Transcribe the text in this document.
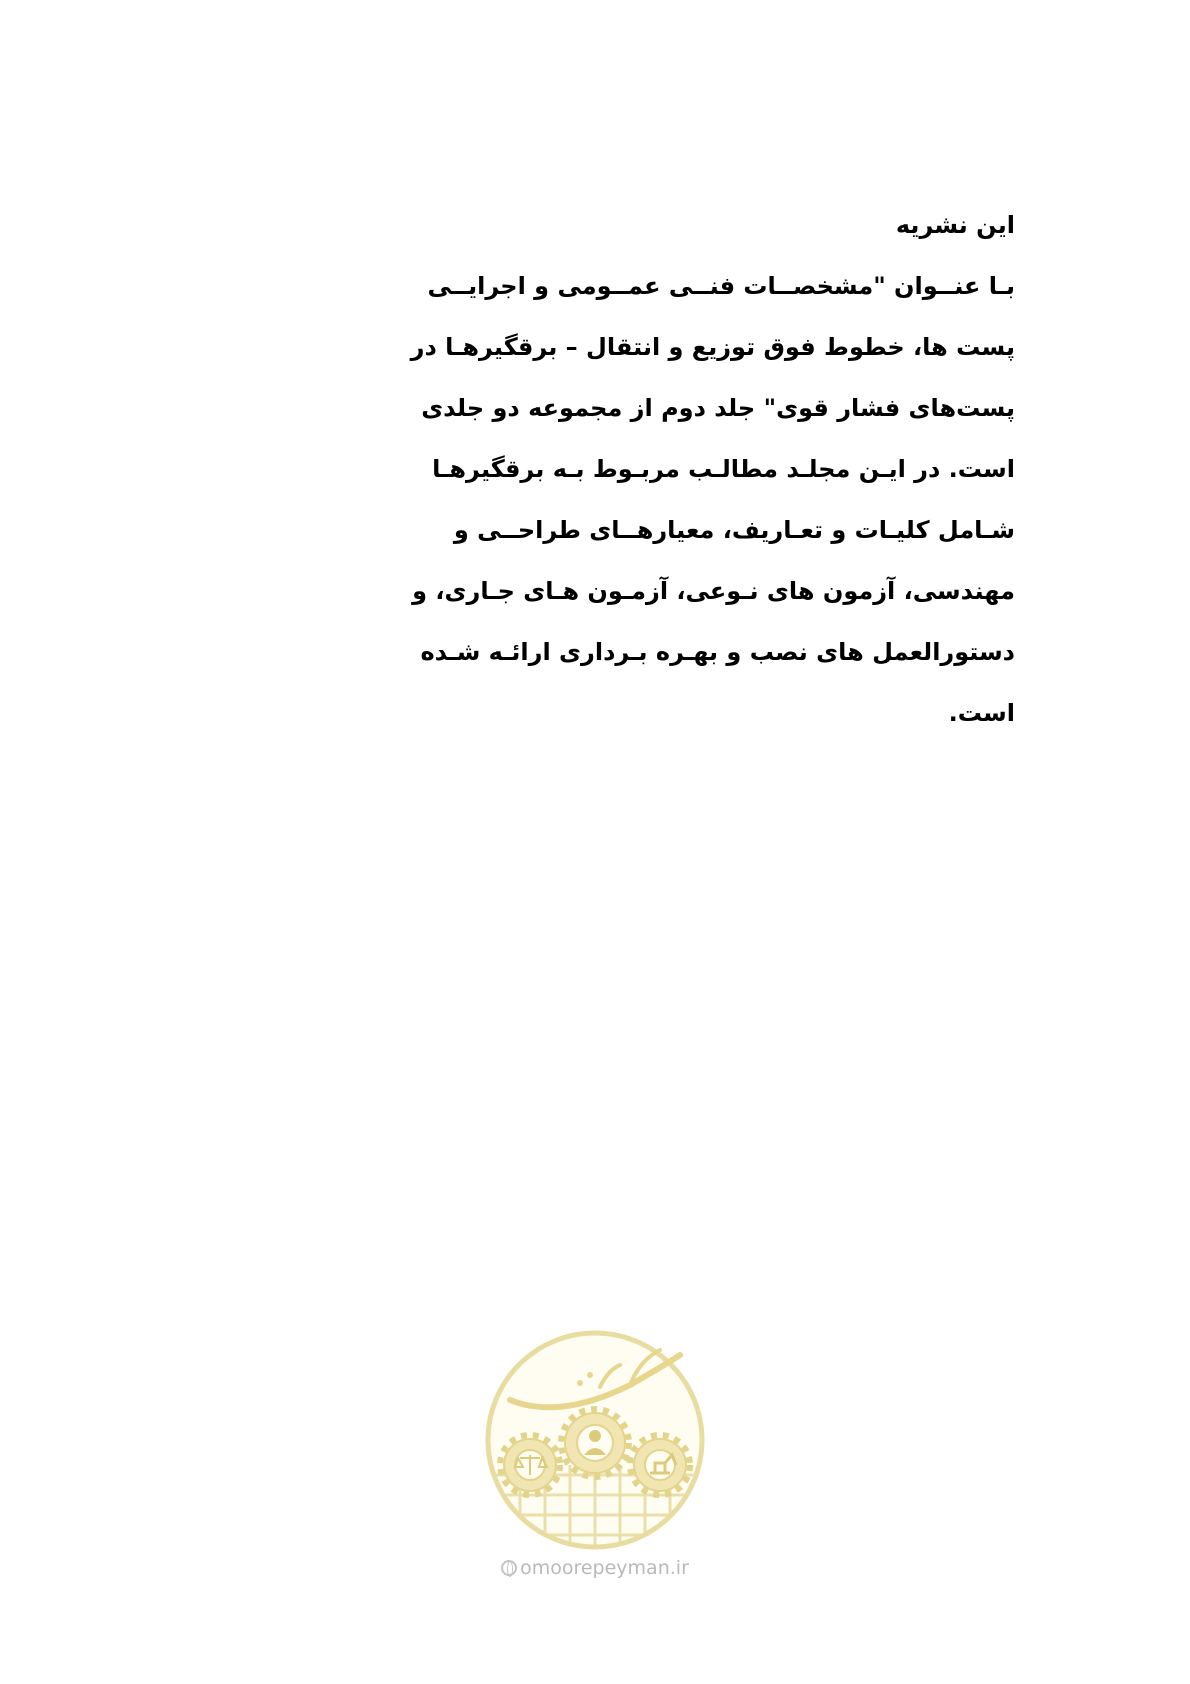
این نشریه
بـا عنــوان "مشخصــات فنــی عمــومی و اجرایــی
پست ها، خطوط فوق توزیع و انتقال – برقگیرهـا در
پست‌های فشار قوی" جلد دوم از مجموعه دو جلدی
است. در ایـن مجلـد مطالـب مربـوط بـه برقگیرهـا
شـامل کلیـات و تعـاریف، معیارهــای طراحــی و
مهندسی، آزمون های نـوعی، آزمـون هـای جـاری، و
دستورالعمل های نصب و بهـره بـرداری ارائـه شـده
است.
omoorepeyman.ir
